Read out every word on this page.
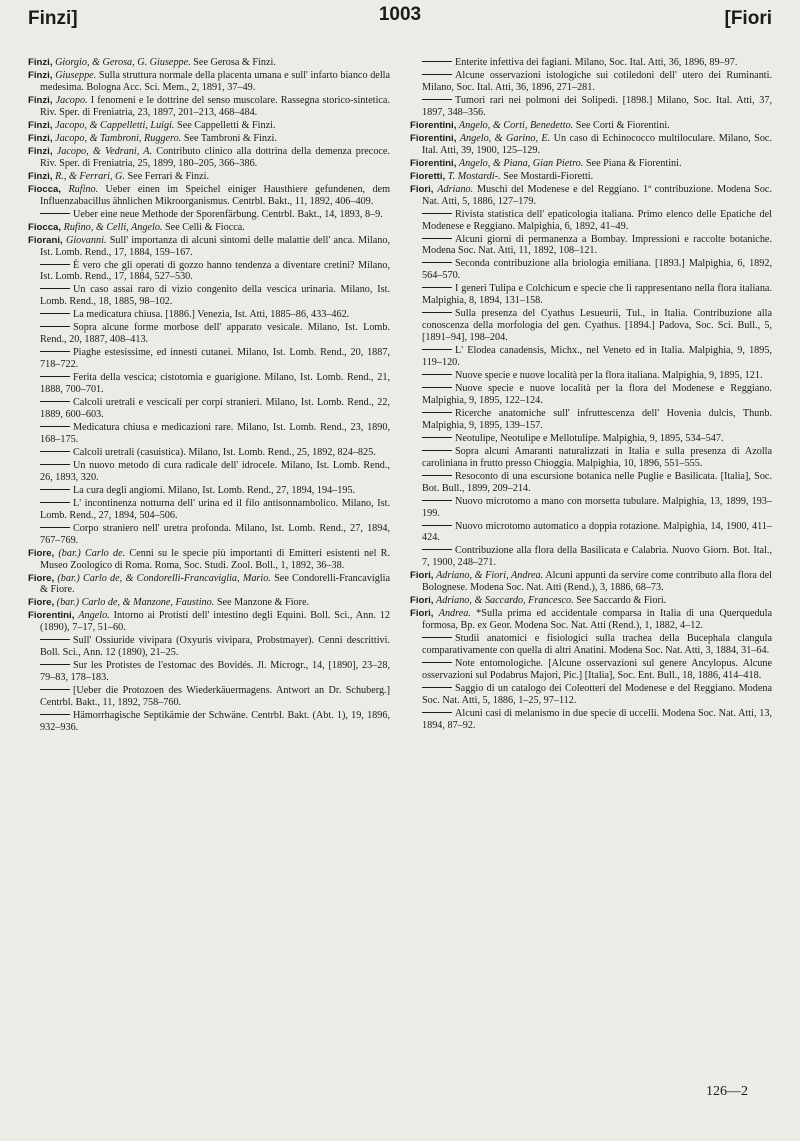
Finzi]	1003	[Fiori

Finzi, Giorgio, & Gerosa, G. Giuseppe. See Gerosa & Finzi.

Finzi, Giuseppe. Sulla struttura normale della placenta umana e sull' infarto bianco della medesima. Bologna Acc. Sci. Mem., 2, 1891, 37–49.

Finzi, Jacopo. I fenomeni e le dottrine del senso muscolare. Rassegna storico-sintetica. Riv. Sper. di Freniatria, 23, 1897, 201–213, 468–484.

Finzi, Jacopo, & Cappelletti, Luigi. See Cappelletti & Finzi.

Finzi, Jacopo, & Tambroni, Ruggero. See Tambroni & Finzi.

Finzi, Jacopo, & Vedrani, A. Contributo clinico alla dottrina della demenza precoce. Riv. Sper. di Freniatria, 25, 1899, 180–205, 366–386.

Finzi, R., & Ferrari, G. See Ferrari & Finzi.

Fiocca, Rufino. Ueber einen im Speichel einiger Hausthiere gefundenen, dem Influenzabacillus ähnlichen Mikroorganismus. Centrbl. Bakt., 11, 1892, 406–409.

Ueber eine neue Methode der Sporenfärbung. Centrbl. Bakt., 14, 1893, 8–9.

Fiocca, Rufino, & Celli, Angelo. See Celli & Fiocca.

Fiorani, Giovanni. Sull' importanza di alcuni sintomi delle malattie dell' anca. Milano, Ist. Lomb. Rend., 17, 1884, 159–167.

È vero che gli operati di gozzo hanno tendenza a diventare cretini? Milano, Ist. Lomb. Rend., 17, 1884, 527–530.

Un caso assai raro di vizio congenito della vescica urinaria. Milano, Ist. Lomb. Rend., 18, 1885, 98–102.

La medicatura chiusa. [1886.] Venezia, Ist. Atti, 1885–86, 433–462.

Sopra alcune forme morbose dell' apparato vesicale. Milano, Ist. Lomb. Rend., 20, 1887, 408–413.

Piaghe estesissime, ed innesti cutanei. Milano, Ist. Lomb. Rend., 20, 1887, 718–722.

Ferita della vescica; cistotomia e guarigione. Milano, Ist. Lomb. Rend., 21, 1888, 700–701.

Calcoli uretrali e vescicali per corpi stranieri. Milano, Ist. Lomb. Rend., 22, 1889, 600–603.

Medicatura chiusa e medicazioni rare. Milano, Ist. Lomb. Rend., 23, 1890, 168–175.

Calcoli uretrali (casuistica). Milano, Ist. Lomb. Rend., 25, 1892, 824–825.

Un nuovo metodo di cura radicale dell' idrocele. Milano, Ist. Lomb. Rend., 26, 1893, 320.

La cura degli angiomi. Milano, Ist. Lomb. Rend., 27, 1894, 194–195.

L' incontinenza notturna dell' urina ed il filo antisonnambolico. Milano, Ist. Lomb. Rend., 27, 1894, 504–506.

Corpo straniero nell' uretra profonda. Milano, Ist. Lomb. Rend., 27, 1894, 767–769.

Fiore, (bar.) Carlo de. Cenni su le specie più importanti di Emitteri esistenti nel R. Museo Zoologico di Roma. Roma, Soc. Studi. Zool. Boll., 1, 1892, 36–38.

Fiore, (bar.) Carlo de, & Condorelli-Francaviglia, Mario. See Condorelli-Francaviglia & Fiore.

Fiore, (bar.) Carlo de, & Manzone, Faustino. See Manzone & Fiore.

Fiorentini, Angelo. Intorno ai Protisti dell' intestino degli Equini. Boll. Sci., Ann. 12 (1890), 7–17, 51–60.

Sull' Ossiuride vivipara (Oxyuris vivipara, Probstmayer). Cenni descrittivi. Boll. Sci., Ann. 12 (1890), 21–25.

Sur les Protistes de l'estomac des Bovidés. Jl. Microgr., 14, [1890], 23–28, 79–83, 178–183.

[Ueber die Protozoen des Wiederkäuermagens. Antwort an Dr. Schuberg.] Centrbl. Bakt., 11, 1892, 758–760.

Hämorrhagische Septikämie der Schwäne. Centrbl. Bakt. (Abt. 1), 19, 1896, 932–936.

Enterite infettiva dei fagiani. Milano, Soc. Ital. Atti, 36, 1896, 89–97.

Alcune osservazioni istologiche sui cotiledoni dell' utero dei Ruminanti. Milano, Soc. Ital. Atti, 36, 1896, 271–281.

Tumori rari nei polmoni dei Solipedi. [1898.] Milano, Soc. Ital. Atti, 37, 1897, 348–356.

Fiorentini, Angelo, & Corti, Benedetto. See Corti & Fiorentini.

Fiorentini, Angelo, & Garino, E. Un caso di Echinococco multiloculare. Milano, Soc. Ital. Atti, 39, 1900, 125–129.

Fiorentini, Angelo, & Piana, Gian Pietro. See Piana & Fiorentini.

Fioretti, T. Mostardi-. See Mostardi-Fioretti.

Fiori, Adriano. Muschi del Modenese e del Reggiano. 1ª contribuzione. Modena Soc. Nat. Atti, 5, 1886, 127–179.

Rivista statistica dell' epaticologia italiana. Primo elenco delle Epatiche del Modenese e Reggiano. Malpighia, 6, 1892, 41–49.

Alcuni giorni di permanenza a Bombay. Impressioni e raccolte botaniche. Modena Soc. Nat. Atti, 11, 1892, 108–121.

Seconda contribuzione alla briologia emiliana. [1893.] Malpighia, 6, 1892, 564–570.

I generi Tulipa e Colchicum e specie che li rappresentano nella flora italiana. Malpighia, 8, 1894, 131–158.

Sulla presenza del Cyathus Lesueurii, Tul., in Italia. Contribuzione alla conoscenza della morfologia del gen. Cyathus. [1894.] Padova, Soc. Sci. Bull., 5, [1891–94], 198–204.

L' Elodea canadensis, Michx., nel Veneto ed in Italia. Malpighia, 9, 1895, 119–120.

Nuove specie e nuove località per la flora italiana. Malpighia, 9, 1895, 121.

Nuove specie e nuove località per la flora del Modenese e Reggiano. Malpighia, 9, 1895, 122–124.

Ricerche anatomiche sull' infruttescenza dell' Hovenia dulcis, Thunb. Malpighia, 9, 1895, 139–157.

Neotulipe, Neotulipe e Mellotulipe. Malpighia, 9, 1895, 534–547.

Sopra alcuni Amaranti naturalizzati in Italia e sulla presenza di Azolla caroliniana in frutto presso Chioggia. Malpighia, 10, 1896, 551–555.

Resoconto di una escursione botanica nelle Puglie e Basilicata. [Italia], Soc. Bot. Bull., 1899, 209–214.

Nuovo microtomo a mano con morsetta tubulare. Malpighia, 13, 1899, 193–199.

Nuovo microtomo automatico a doppia rotazione. Malpighia, 14, 1900, 411–424.

Contribuzione alla flora della Basilicata e Calabria. Nuovo Giorn. Bot. Ital., 7, 1900, 248–271.

Fiori, Adriano, & Fiori, Andrea. Alcuni appunti da servire come contributo alla flora del Bolognese. Modena Soc. Nat. Atti (Rend.), 3, 1886, 68–73.

Fiori, Adriano, & Saccardo, Francesco. See Saccardo & Fiori.

Fiori, Andrea. *Sulla prima ed accidentale comparsa in Italia di una Querquedula formosa, Bp. ex Geor. Modena Soc. Nat. Atti (Rend.), 1, 1882, 4–12.

Studii anatomici e fisiologici sulla trachea della Bucephala clangula comparativamente con quella di altri Anatini. Modena Soc. Nat. Atti, 3, 1884, 31–64.

Note entomologiche. [Alcune osservazioni sul genere Ancylopus. Alcune osservazioni sul Podabrus Majori, Pic.] [Italia], Soc. Ent. Bull., 18, 1886, 414–418.

Saggio di un catalogo dei Coleotteri del Modenese e del Reggiano. Modena Soc. Nat. Atti, 5, 1886, 1–25, 97–112.

Alcuni casi di melanismo in due specie di uccelli. Modena Soc. Nat. Atti, 13, 1894, 87–92.

126—2
